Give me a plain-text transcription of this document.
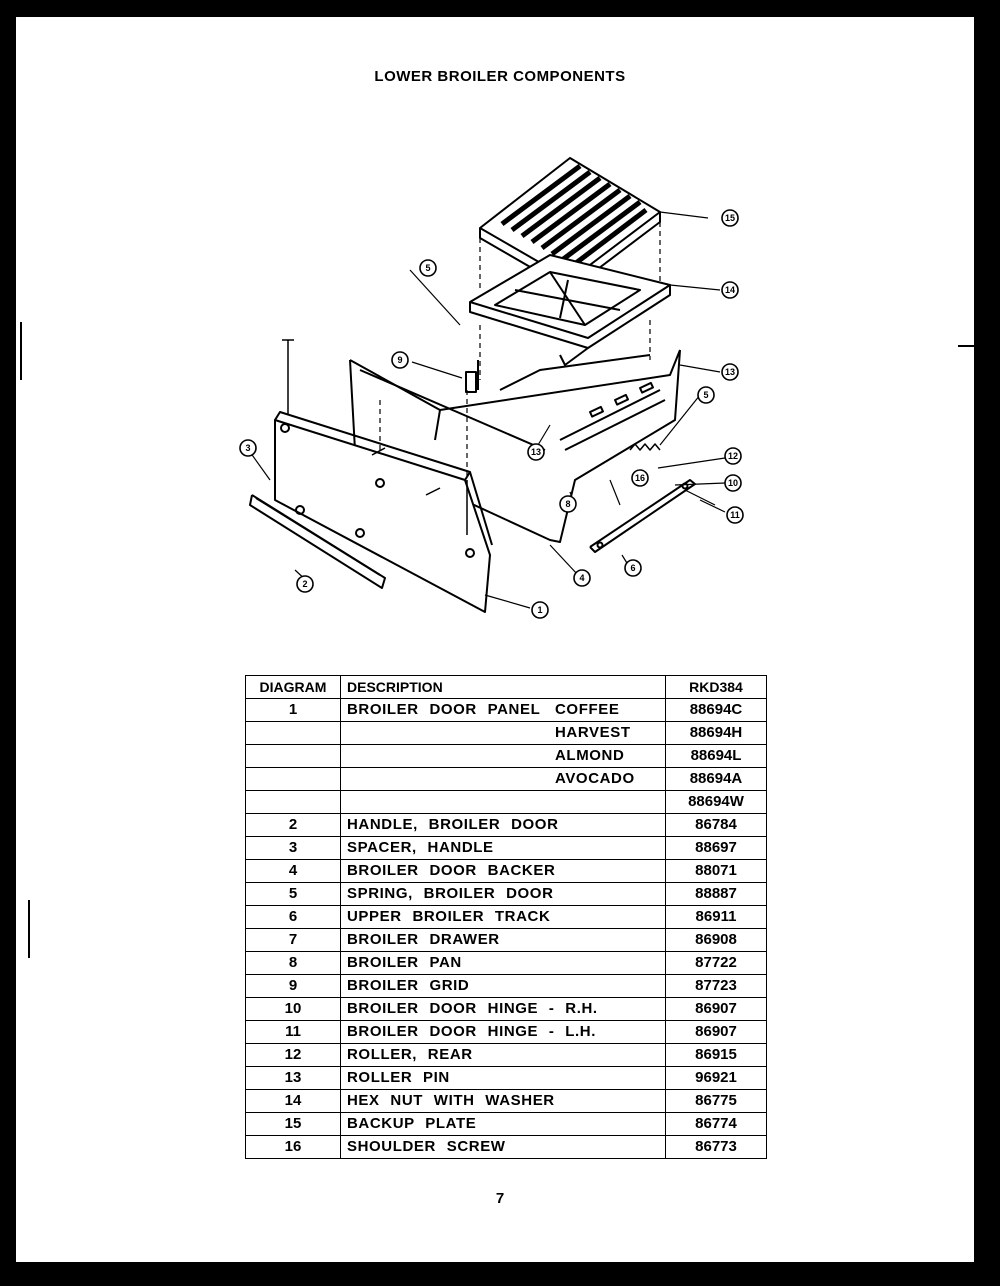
LOWER BROILER COMPONENTS
15
14
13
5
12
10
11
6
4
1
5
9
3
2
13
8
16
DIAGRAM	DESCRIPTION	RKD384
1	BROILER DOOR PANEL COFFEE	88694C

	HARVEST	88694H

	ALMOND	88694L

	AVOCADO	88694A
		88694W
2	HANDLE, BROILER DOOR	86784
3	SPACER, HANDLE	88697
4	BROILER DOOR BACKER	88071
5	SPRING, BROILER DOOR	88887
6	UPPER BROILER TRACK	86911
7	BROILER DRAWER	86908
8	BROILER PAN	87722
9	BROILER GRID	87723
10	BROILER DOOR HINGE - R.H.	86907
11	BROILER DOOR HINGE - L.H.	86907
12	ROLLER, REAR	86915
13	ROLLER PIN	96921
14	HEX NUT WITH WASHER	86775
15	BACKUP PLATE	86774
16	SHOULDER SCREW	86773
7
